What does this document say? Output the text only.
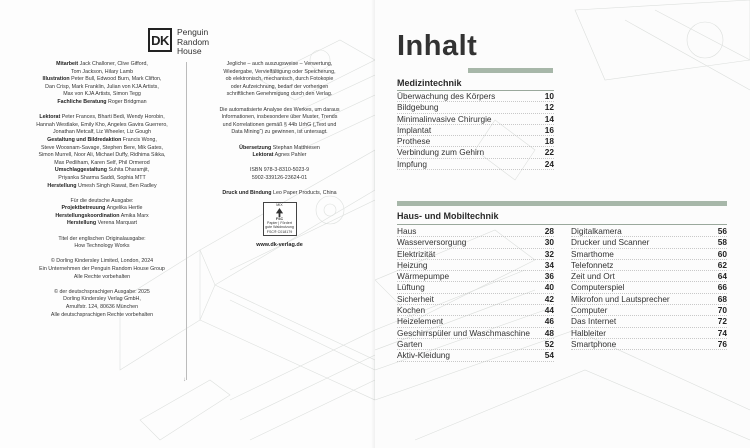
DK
Penguin
Random
House

Mitarbeit Jack Challoner, Clive Gifford,

Tom Jackson, Hilary Lamb

Illustration Peter Bull, Edwood Burn, Mark Clifton,

Dan Crisp, Mark Franklin, Julian von KJA Artists,

Max von KJA Artists, Simon Tegg

Fachliche Beratung Roger Bridgman

Lektorat Peter Frances, Bharti Bedi, Wendy Horobin,

Hannah Westlake, Emily Kho, Angeles Gavira Guerrero,

Jonathan Metcalf, Liz Wheeler, Liz Gough

Gestaltung und Bildredaktion Francis Wong,

Steve Woosnam-Savage, Stephen Bere, Mik Gates,

Simon Murrell, Noor Ali, Michael Duffy, Ridhima Sikka,

Max Pedliham, Karen Self, Phil Ormerod

Umschlaggestaltung Suhita Dharamjit,

Priyanka Sharma Saddi, Sophia MTT

Herstellung Umesh Singh Rawat, Ben Radley

Für die deutsche Ausgabe:

Projektbetreuung Angelika Hertle

Herstellungskoordination Amika Marx

Herstellung Verena Marquart

Titel der englischen Originalausgabe:

How Technology Works

© Dorling Kindersley Limited, London, 2024

Ein Unternehmen der Penguin Random House Group

Alle Rechte vorbehalten

© der deutschsprachigen Ausgabe: 2025

Dorling Kindersley Verlag GmbH,

Arnulfstr. 124, 80636 München

Alle deutschsprachigen Rechte vorbehalten

↓

Jegliche – auch auszugsweise – Verwertung,

Wiedergabe, Vervielfältigung oder Speicherung,

ob elektronisch, mechanisch, durch Fotokopie

oder Aufzeichnung, bedarf der vorherigen

schriftlichen Genehmigung durch den Verlag.

Die automatisierte Analyse des Werkes, um daraus

Informationen, insbesondere über Muster, Trends

und Korrelationen gemäß § 44b UrhG („Text und

Data Mining“) zu gewinnen, ist untersagt.

Übersetzung Stephan Matthiesen

Lektorat Agnes Pahler

ISBN 978-3-8310-5023-9

5902-339126-23624-01

Druck und Bindung Leo Paper Products, China

MIX
FSC
Papier | Fördert
gute Waldnutzung
FSC® C018179
www.dk-verlag.de
Inhalt
Medizintechnik
Überwachung des Körpers	10
Bildgebung	12
Minimalinvasive Chirurgie	14
Implantat	16
Prothese	18
Verbindung zum Gehirn	22
Impfung	24
Haus- und Mobiltechnik
Haus	28
Wasserversorgung	30
Elektrizität	32
Heizung	34
Wärmepumpe	36
Lüftung	40
Sicherheit	42
Kochen	44
Heizelement	46
Geschirrspüler und Waschmaschine 48
Garten	52
Aktiv-Kleidung	54
Digitalkamera	56
Drucker und Scanner	58
Smarthome	60
Telefonnetz	62
Zeit und Ort	64
Computerspiel	66
Mikrofon und Lautsprecher	68
Computer	70
Das Internet	72
Halbleiter	74
Smartphone	76
